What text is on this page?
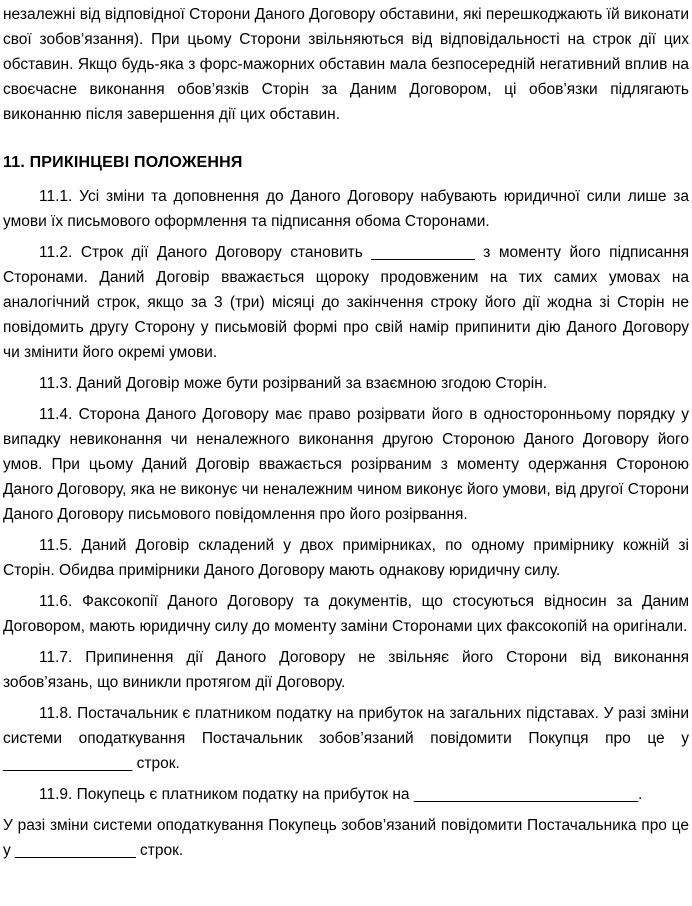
незалежні від відповідної Сторони Даного Договору обставини, які перешкоджають їй виконати свої зобов’язання). При цьому Сторони звільняються від відповідальності на строк дії цих обставин. Якщо будь-яка з форс-мажорних обставин мала безпосередній негативний вплив на своєчасне виконання обов’язків Сторін за Даним Договором, ці обов’язки підлягають виконанню після завершення дії цих обставин.

11. ПРИКІНЦЕВІ ПОЛОЖЕННЯ

11.1. Усі зміни та доповнення до Даного Договору набувають юридичної сили лише за умови їх письмового оформлення та підписання обома Сторонами.

11.2. Строк дії Даного Договору становить ____________ з моменту його підписання Сторонами. Даний Договір вважається щороку продовженим на тих самих умовах на аналогічний строк, якщо за 3 (три) місяці до закінчення строку його дії жодна зі Сторін не повідомить другу Сторону у письмовій формі про свій намір припинити дію Даного Договору чи змінити його окремі умови.

11.3. Даний Договір може бути розірваний за взаємною згодою Сторін.

11.4. Сторона Даного Договору має право розірвати його в односторонньому порядку у випадку невиконання чи неналежного виконання другою Стороною Даного Договору його умов. При цьому Даний Договір вважається розірваним з моменту одержання Стороною Даного Договору, яка не виконує чи неналежним чином виконує його умови, від другої Сторони Даного Договору письмового повідомлення про його розірвання.

11.5. Даний Договір складений у двох примірниках, по одному примірнику кожній зі Сторін. Обидва примірники Даного Договору мають однакову юридичну силу.

11.6. Факсокопії Даного Договору та документів, що стосуються відносин за Даним Договором, мають юридичну силу до моменту заміни Сторонами цих факсокопій на оригінали.

11.7. Припинення дії Даного Договору не звільняє його Сторони від виконання зобов’язань, що виникли протягом дії Договору.

11.8. Постачальник є платником податку на прибуток на загальних підставах. У разі зміни системи оподаткування Постачальник зобов’язаний повідомити Покупця про це у _______________ строк.

11.9. Покупець є платником податку на прибуток на __________________________.

У разі зміни системи оподаткування Покупець зобов’язаний повідомити Постачальника про це у ______________ строк.
